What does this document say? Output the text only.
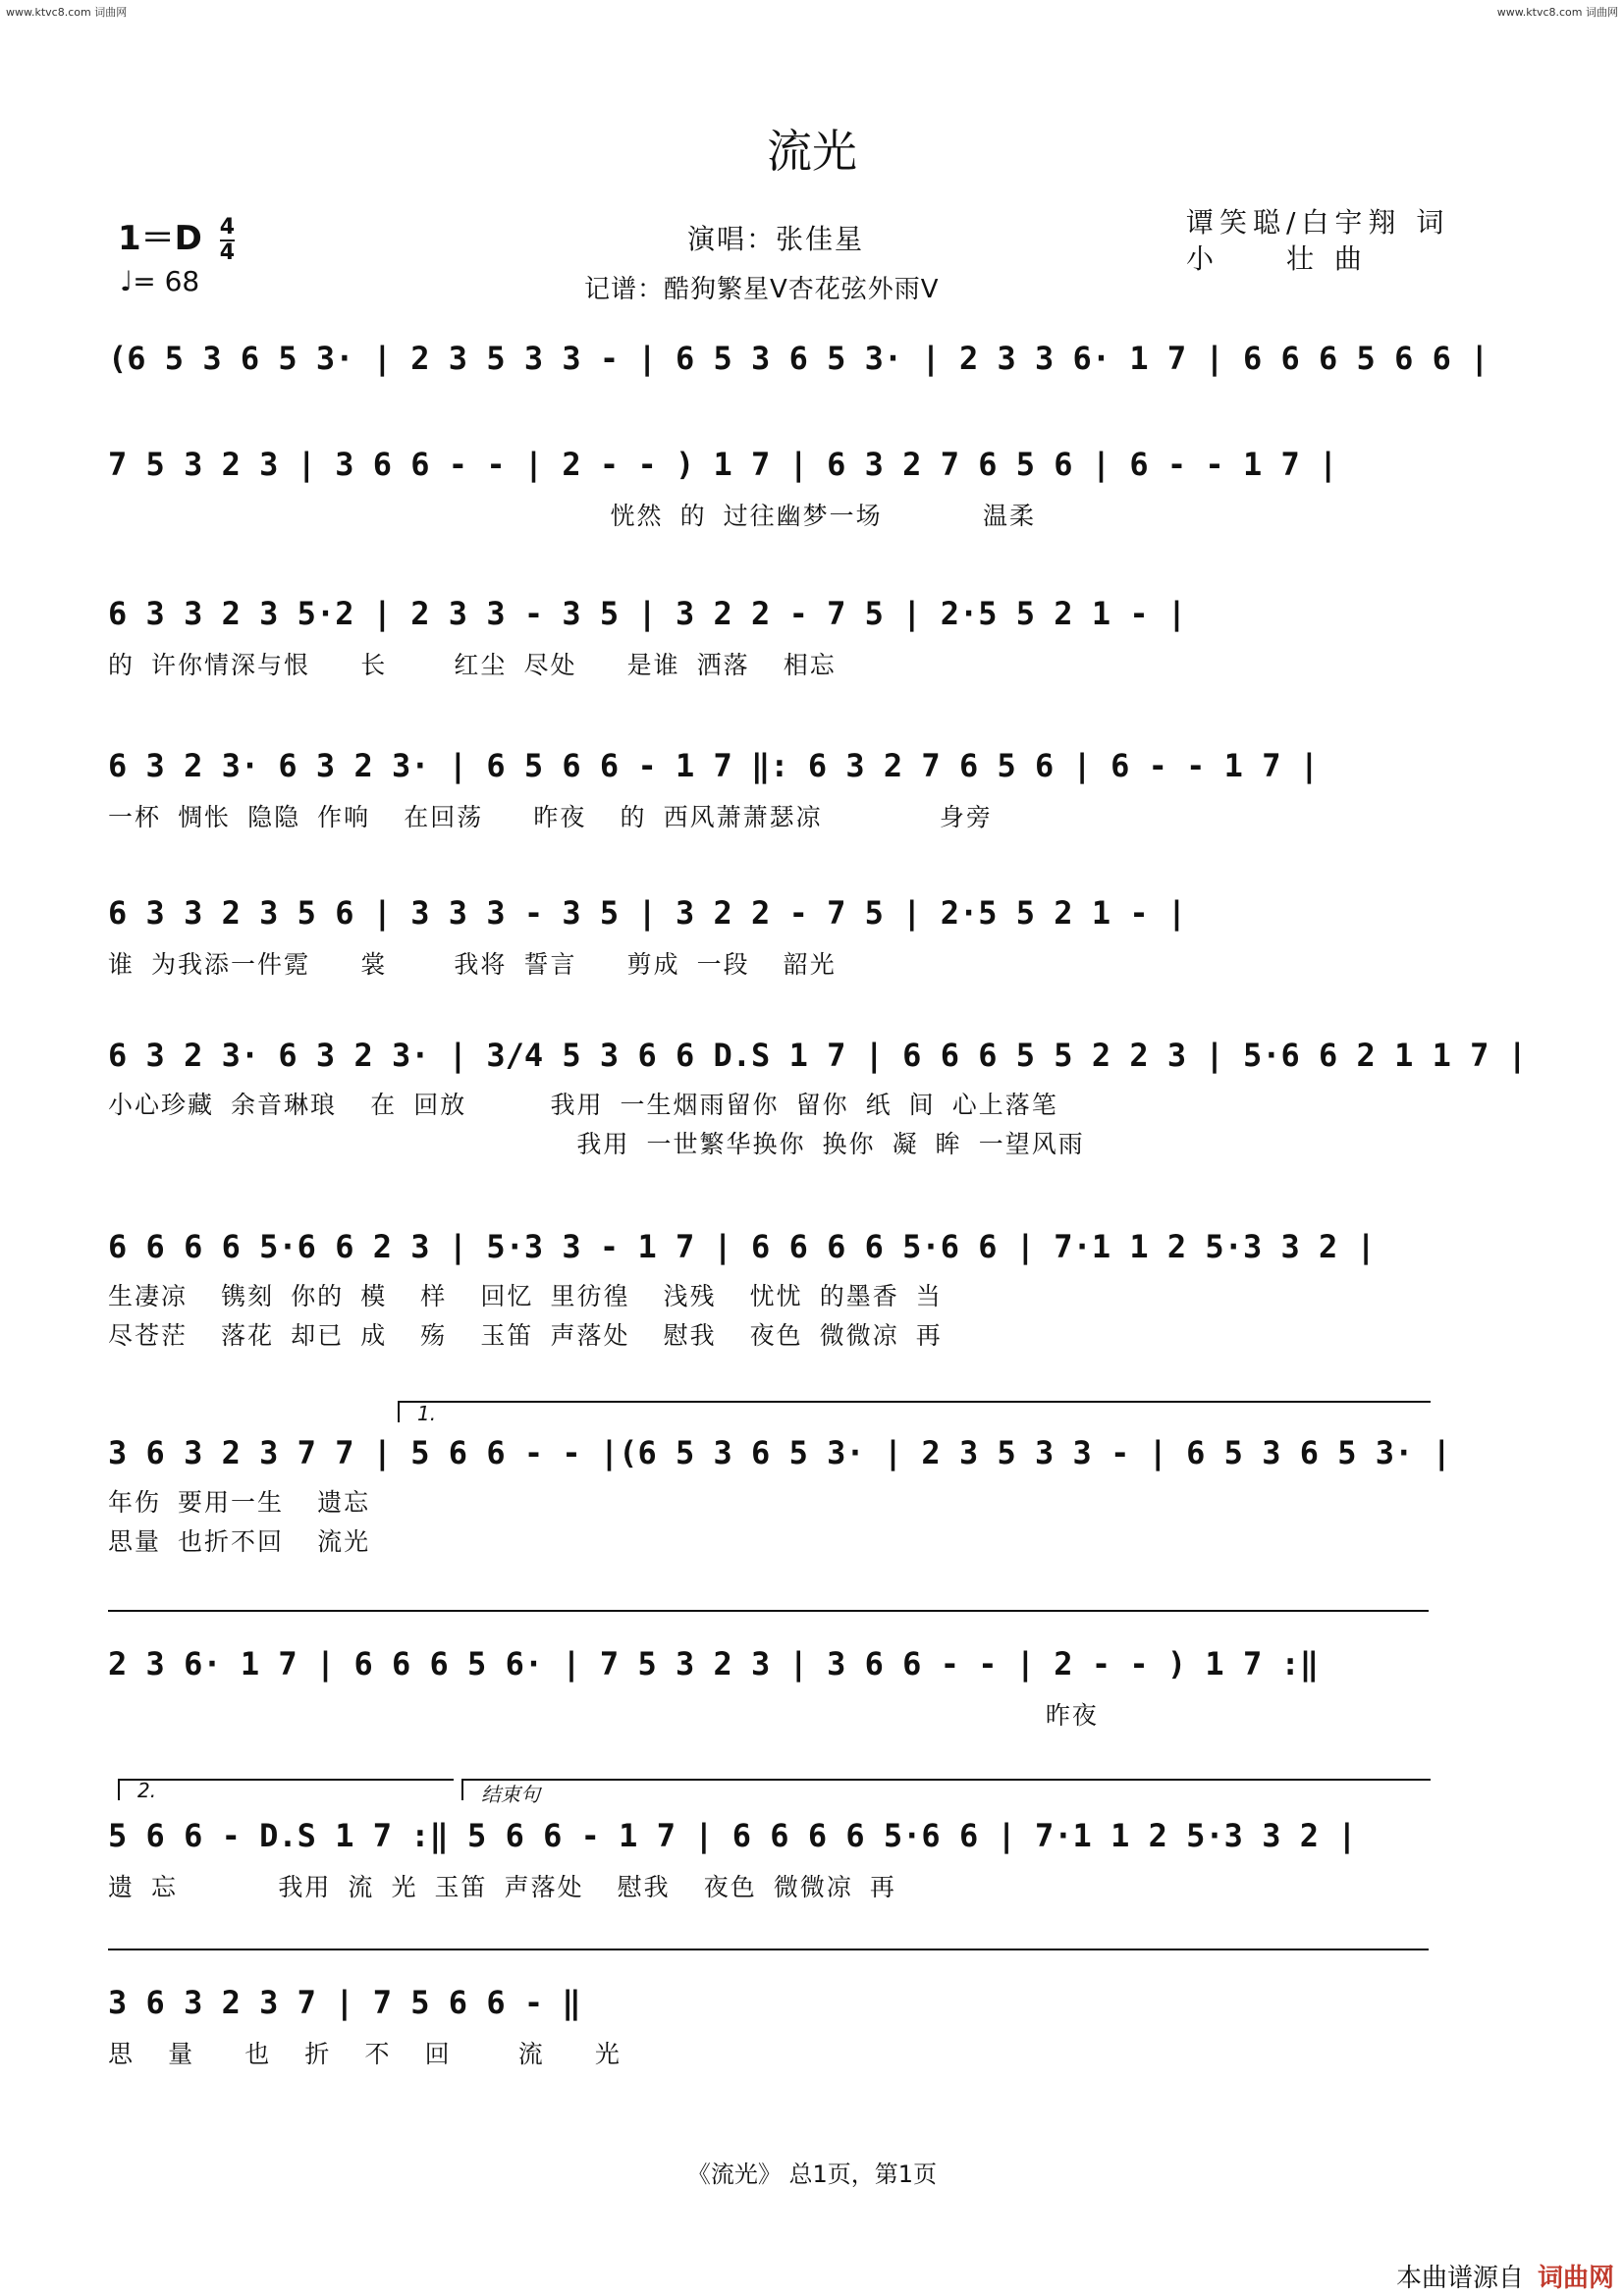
www.ktvc8.com 词曲网	www.ktvc8.com 词曲网
流光
$1=D \frac{4}{4}$
♩= 68
演唱：张佳星
记谱：酷狗繁星V杏花弦外雨V
谭笑聪/白宇翔 词
小　　壮 曲
(6 5 3 6 5 3· | 2 3 5 3 3 - | 6 5 3 6 5 3· | 2 3 3 6· 1 7 | 6 6 6 5 6 6 |
7 5 3 2 3 | 3 6 6 - - | 2 - - ) 1 7 | 6 3 2 7 6 5 6 | 6 - - 1 7 |
恍然 的 过往幽梦一场      温柔
6 3 3 2 3 5·2 | 2 3 3 - 3 5 | 3 2 2 - 7 5 | 2·5 5 2 1 - |
的 许你情深与恨   长    红尘 尽处   是谁 洒落  相忘
6 3 2 3· 6 3 2 3· | 6 5 6 6 - 1 7 ‖: 6 3 2 7 6 5 6 | 6 - - 1 7 |
一杯 惆怅 隐隐 作响  在回荡   昨夜  的 西风萧萧瑟凉       身旁
6 3 3 2 3 5 6 | 3 3 3 - 3 5 | 3 2 2 - 7 5 | 2·5 5 2 1 - |
谁 为我添一件霓   裳    我将 誓言   剪成 一段  韶光
6 3 2 3· 6 3 2 3· | 3/4 5 3 6 6 D.S 1 7 | 6 6 6 5 5 2 2 3 | 5·6 6 2 1 1 7 |
小心珍藏 余音琳琅  在 回放     我用 一生烟雨留你 留你 纸 间 心上落笔
我用 一世繁华换你 换你 凝 眸 一望风雨
6 6 6 6 5·6 6 2 3 | 5·3 3 - 1 7 | 6 6 6 6 5·6 6 | 7·1 1 2 5·3 3 2 |
生凄凉  镌刻 你的 模  样  回忆 里彷徨  浅残  忧忧 的墨香 当
尽苍茫  落花 却已 成  殇  玉笛 声落处  慰我  夜色 微微凉 再
1.
3 6 3 2 3 7 7 | 5 6 6 - - |(6 5 3 6 5 3· | 2 3 5 3 3 - | 6 5 3 6 5 3· |
年伤 要用一生  遗忘
思量 也折不回  流光
2 3 6· 1 7 | 6 6 6 5 6· | 7 5 3 2 3 | 3 6 6 - - | 2 - - ) 1 7 :‖
昨夜
2.	结束句
5 6 6 - D.S 1 7 :‖ 5 6 6 - 1 7 | 6 6 6 6 5·6 6 | 7·1 1 2 5·3 3 2 |
遗 忘      我用 流 光 玉笛 声落处  慰我  夜色 微微凉 再
3 6 3 2 3 7 | 7 5 6 6 - ‖
思  量   也  折  不  回    流   光
《流光》 总1页，第1页
本曲谱源自 词曲网
